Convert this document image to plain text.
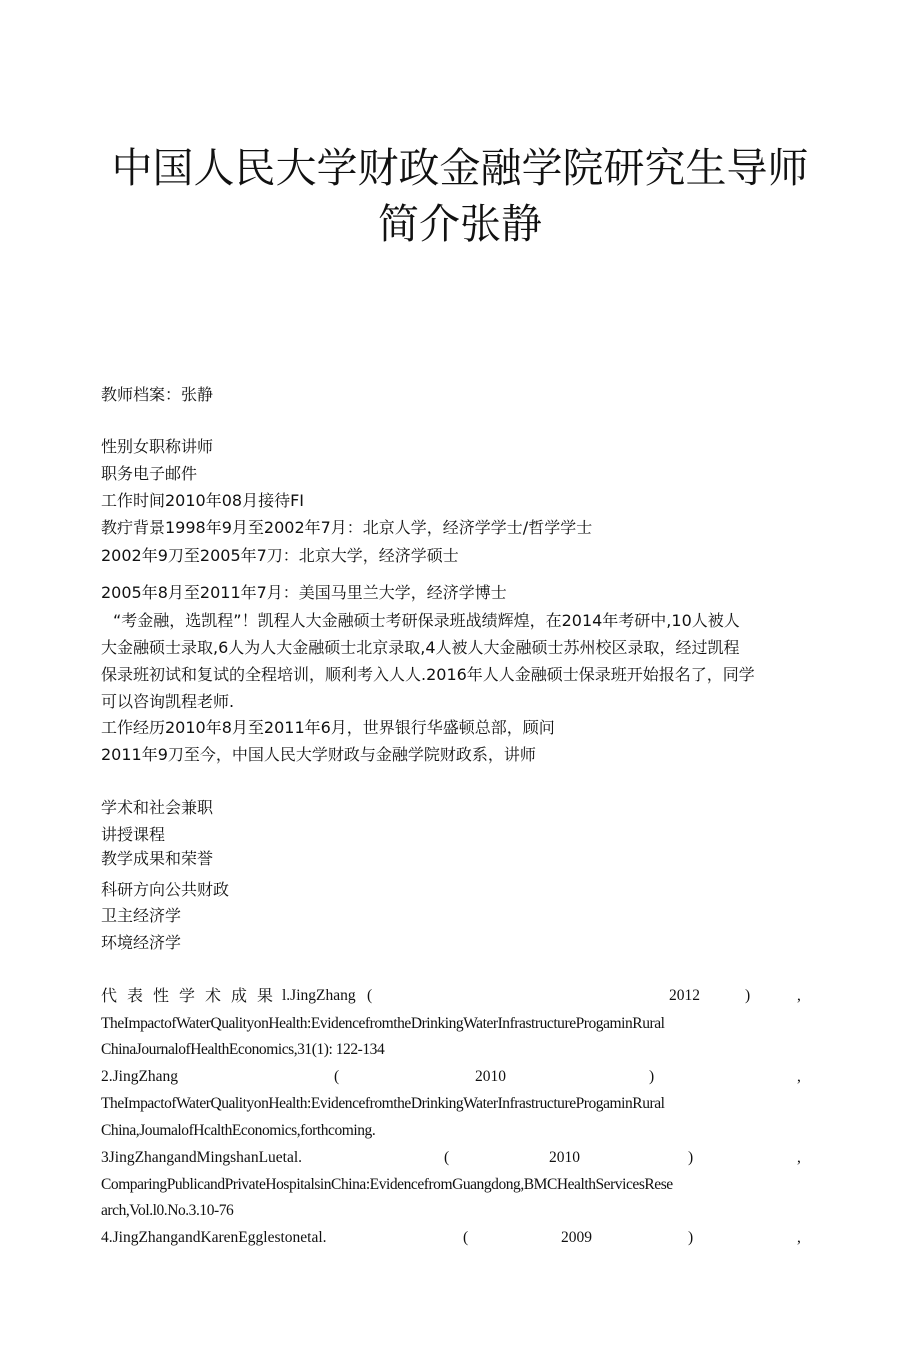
中国人民大学财政金融学院研究生导师
简介张静
教师档案：张静
性别女职称讲师
职务电子邮件
工作时间2010年08月接待FI
教疔背景1998年9月至2002年7月：北京人学，经济学学士/哲学学士
2002年9刀至2005年7刀：北京大学，经济学硕士
2005年8月至2011年7月：美国马里兰大学，经济学博士
“考金融，选凯程”！凯程人大金融硕士考研保录班战绩辉煌，在2014年考研中,10人被人
大金融硕士录取,6人为人大金融硕士北京录取,4人被人大金融硕士苏州校区录取，经过凯程
保录班初试和复试的全程培训，顺利考入人人.2016年人人金融硕士保录班开始报名了，同学
可以咨询凯程老师.
工作经历2010年8月至2011年6月，世界银行华盛顿总部，顾问
2011年9刀至今，中国人民大学财政与金融学院财政系，讲师
学术和社会兼职
讲授课程
教学成果和荣誉
科研方向公共财政
卫主经济学
环境经济学
代表性学术成果
l.JingZhang (	2012	)	,
TheImpactofWaterQualityonHealth:EvidencefromtheDrinkingWaterInfrastructureProgaminRural
ChinaJournalofHealthEconomics,31(1): 122-134
2.JingZhang	(	2010	)	,
TheImpactofWaterQualityonHealth:EvidencefromtheDrinkingWaterInfrastructureProgaminRural
China,JoumalofHcalthEconomics,forthcoming.
3JingZhangandMingshanLuetal.	(	2010	)	,
ComparingPublicandPrivateHospitalsinChina:EvidencefromGuangdong,BMCHealthServicesRese
arch,Vol.l0.No.3.10-76
4.JingZhangandKarenEgglestonetal.	(	2009	)	,
